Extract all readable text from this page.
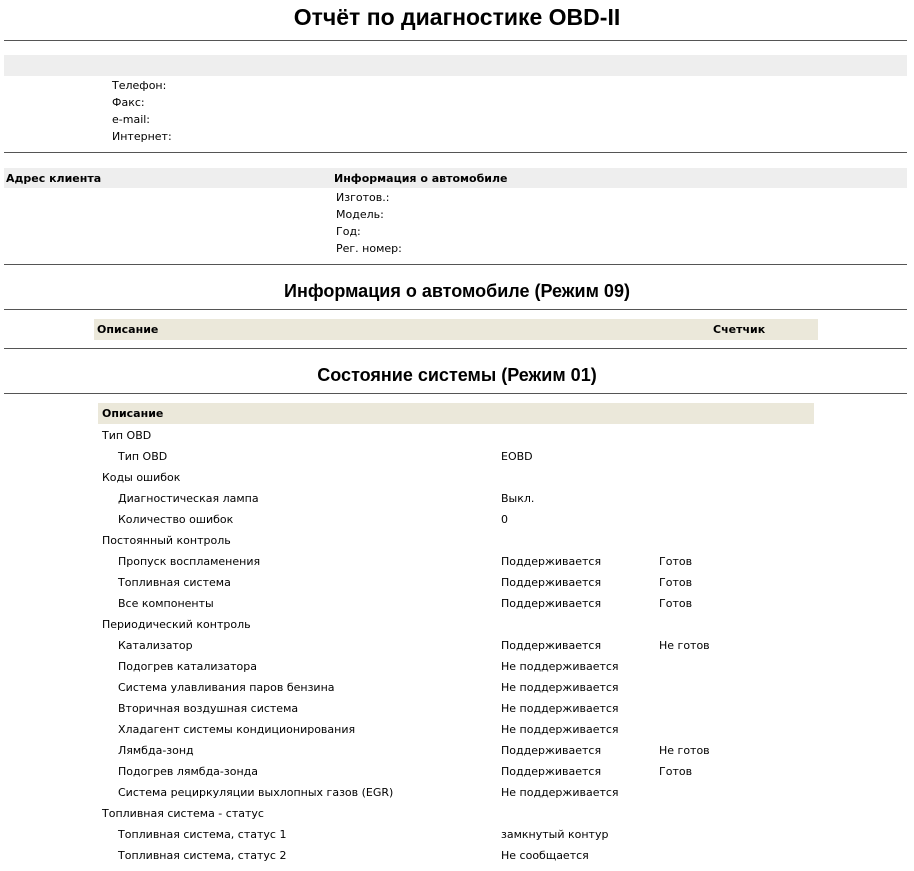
Отчёт по диагностике OBD-II
Телефон:
Факс:
e-mail:
Интернет:
Адрес клиента	Информация о автомобиле
Изготов.:
Модель:
Год:
Рег. номер:
Информация о автомобиле (Режим 09)
Описание	Счетчик
Состояние системы (Режим 01)
Описание
Тип OBD
Тип OBD	EOBD
Коды ошибок
Диагностическая лампа	Выкл.
Количество ошибок	0
Постоянный контроль
Пропуск воспламенения	Поддерживается	Готов
Топливная система	Поддерживается	Готов
Все компоненты	Поддерживается	Готов
Периодический контроль
Катализатор	Поддерживается	Не готов
Подогрев катализатора	Не поддерживается
Система улавливания паров бензина	Не поддерживается
Вторичная воздушная система	Не поддерживается
Хладагент системы кондиционирования	Не поддерживается
Лямбда-зонд	Поддерживается	Не готов
Подогрев лямбда-зонда	Поддерживается	Готов
Система рециркуляции выхлопных газов (EGR)	Не поддерживается
Топливная система - статус
Топливная система, статус 1	замкнутый контур
Топливная система, статус 2	Не сообщается
